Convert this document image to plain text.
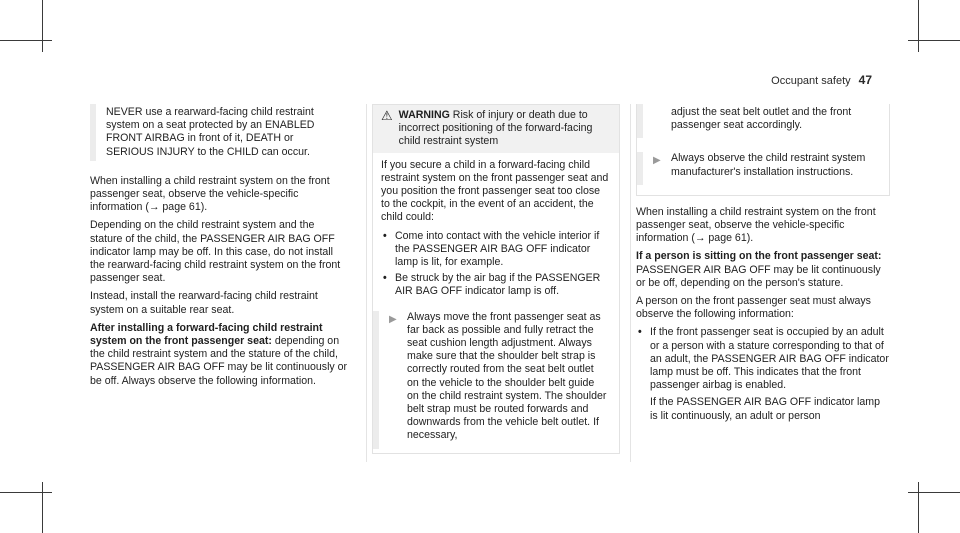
Occupant safety 47
NEVER use a rearward-facing child restraint system on a seat protected by an ENABLED FRONT AIRBAG in front of it, DEATH or SERIOUS INJURY to the CHILD can occur.

When installing a child restraint system on the front passenger seat, observe the vehicle-specific information (→ page 61).

Depending on the child restraint system and the stature of the child, the PASSENGER AIR BAG OFF indicator lamp may be off. In this case, do not install the rearward-facing child restraint system on the front passenger seat.

Instead, install the rearward-facing child restraint system on a suitable rear seat.

After installing a forward-facing child restraint system on the front passenger seat: depending on the child restraint system and the stature of the child, PASSENGER AIR BAG OFF may be lit continuously or be off. Always observe the following information.

⚠ WARNING Risk of injury or death due to incorrect positioning of the forward-facing child restraint system

If you secure a child in a forward-facing child restraint system on the front passenger seat and you position the front passenger seat too close to the cockpit, in the event of an accident, the child could:

• Come into contact with the vehicle interior if the PASSENGER AIR BAG OFF indicator lamp is lit, for example.
• Be struck by the air bag if the PASSENGER AIR BAG OFF indicator lamp is off.
▶ Always move the front passenger seat as far back as possible and fully retract the seat cushion length adjustment. Always make sure that the shoulder belt strap is correctly routed from the seat belt outlet on the vehicle to the shoulder belt guide on the child restraint system. The shoulder belt strap must be routed forwards and downwards from the vehicle belt outlet. If necessary,
adjust the seat belt outlet and the front passenger seat accordingly.
▶ Always observe the child restraint system manufacturer's installation instructions.

When installing a child restraint system on the front passenger seat, observe the vehicle-specific information (→ page 61).

If a person is sitting on the front passenger seat: PASSENGER AIR BAG OFF may be lit continuously or be off, depending on the person's stature.

A person on the front passenger seat must always observe the following information:

• If the front passenger seat is occupied by an adult or a person with a stature corresponding to that of an adult, the PASSENGER AIR BAG OFF indicator lamp must be off. This indicates that the front passenger airbag is enabled.
If the PASSENGER AIR BAG OFF indicator lamp is lit continuously, an adult or person
